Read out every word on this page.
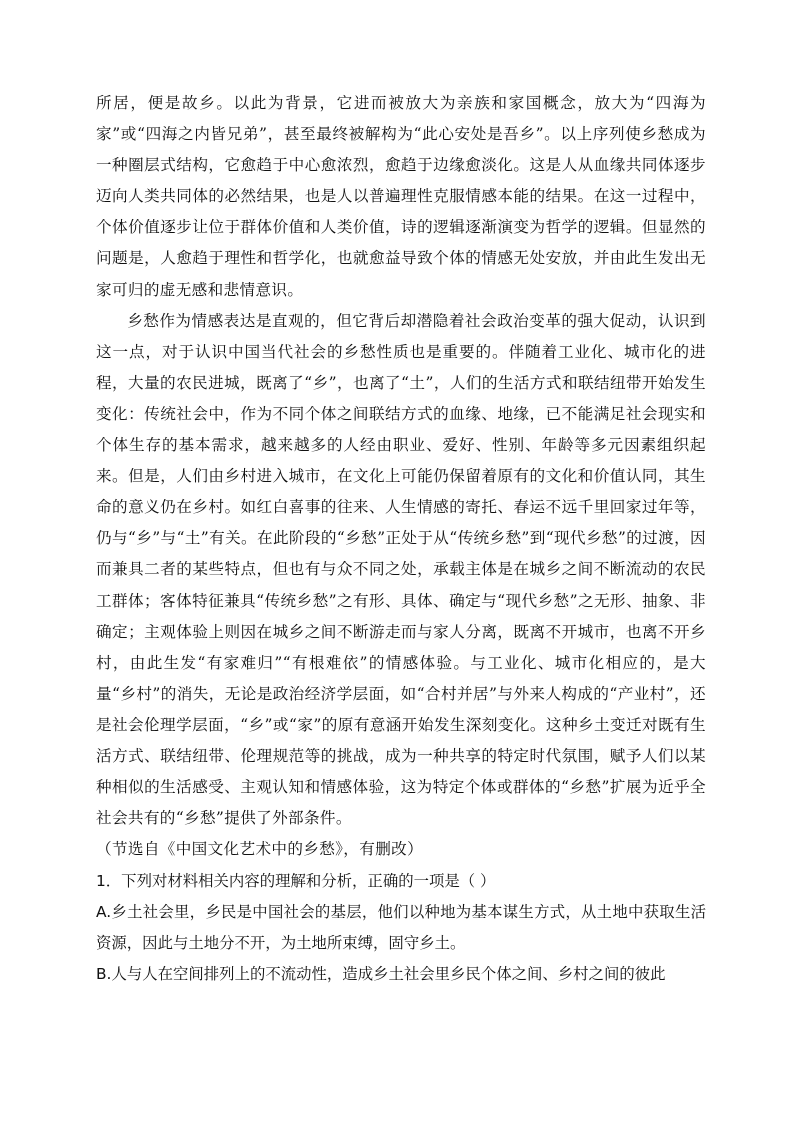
所居，便是故乡。以此为背景，它进而被放大为亲族和家国概念，放大为“四海为家”或“四海之内皆兄弟”，甚至最终被解构为“此心安处是吾乡”。以上序列使乡愁成为一种圈层式结构，它愈趋于中心愈浓烈，愈趋于边缘愈淡化。这是人从血缘共同体逐步迈向人类共同体的必然结果，也是人以普遍理性克服情感本能的结果。在这一过程中，个体价值逐步让位于群体价值和人类价值，诗的逻辑逐渐演变为哲学的逻辑。但显然的问题是，人愈趋于理性和哲学化，也就愈益导致个体的情感无处安放，并由此生发出无家可归的虚无感和悲情意识。

乡愁作为情感表达是直观的，但它背后却潜隐着社会政治变革的强大促动，认识到这一点，对于认识中国当代社会的乡愁性质也是重要的。伴随着工业化、城市化的进程，大量的农民进城，既离了“乡”，也离了“土”，人们的生活方式和联结纽带开始发生变化：传统社会中，作为不同个体之间联结方式的血缘、地缘，已不能满足社会现实和个体生存的基本需求，越来越多的人经由职业、爱好、性别、年龄等多元因素组织起来。但是，人们由乡村进入城市，在文化上可能仍保留着原有的文化和价值认同，其生命的意义仍在乡村。如红白喜事的往来、人生情感的寄托、春运不远千里回家过年等，仍与“乡”与“土”有关。在此阶段的“乡愁”正处于从“传统乡愁”到“现代乡愁”的过渡，因而兼具二者的某些特点，但也有与众不同之处，承载主体是在城乡之间不断流动的农民工群体；客体特征兼具“传统乡愁”之有形、具体、确定与“现代乡愁”之无形、抽象、非确定；主观体验上则因在城乡之间不断游走而与家人分离，既离不开城市，也离不开乡村，由此生发“有家难归”“有根难依”的情感体验。与工业化、城市化相应的，是大量“乡村”的消失，无论是政治经济学层面，如“合村并居”与外来人构成的“产业村”，还是社会伦理学层面，“乡”或“家”的原有意涵开始发生深刻变化。这种乡土变迁对既有生活方式、联结纽带、伦理规范等的挑战，成为一种共享的特定时代氛围，赋予人们以某种相似的生活感受、主观认知和情感体验，这为特定个体或群体的“乡愁”扩展为近乎全社会共有的“乡愁”提供了外部条件。

（节选自《中国文化艺术中的乡愁》，有删改）

1．下列对材料相关内容的理解和分析，正确的一项是（ ）

A.乡土社会里，乡民是中国社会的基层，他们以种地为基本谋生方式，从土地中获取生活资源，因此与土地分不开，为土地所束缚，固守乡土。

B.人与人在空间排列上的不流动性，造成乡土社会里乡民个体之间、乡村之间的彼此
